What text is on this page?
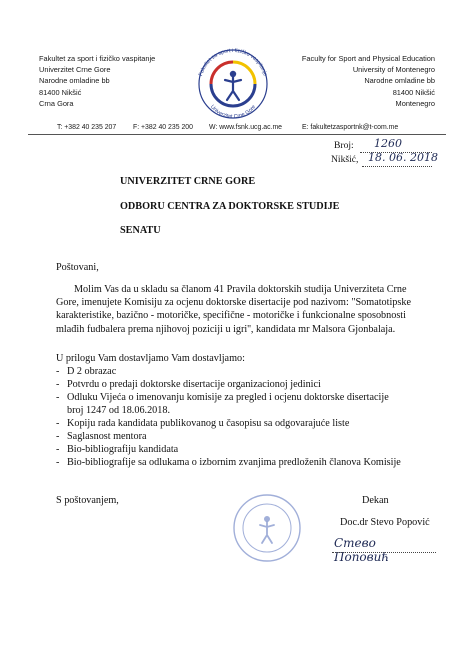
Fakultet za sport i fizičko vaspitanje
Univerzitet Crne Gore
Narodne omladine bb
81400 Nikšić
Crna Gora
Fakultet za sport i fizičko vaspitanje
Univerzitet Crne Gore
Faculty for Sport and Physical Education
University of Montenegro
Narodne omladine bb
81400 Nikšić
Montenegro
T: +382 40 235 207 F: +382 40 235 200 W: www.fsnk.ucg.ac.me	E: fakultetzasportnk@t-com.me
Broj: 1260
Nikšić, 18. 06. 2018
UNIVERZITET CRNE GORE
ODBORU CENTRA ZA DOKTORSKE STUDIJE
SENATU
Poštovani,
Molim Vas da u skladu sa članom 41 Pravila doktorskih studija Univerziteta Crne
Gore, imenujete Komisiju za ocjenu doktorske disertacije pod nazivom: "Somatotipske
karakteristike, bazično - motoričke, specifične - motoričke i funkcionalne sposobnosti
mlađih fudbalera prema njihovoj poziciji u igri'', kandidata mr Malsora Gjonbalaja.
U prilogu Vam dostavljamo Vam dostavljamo:
- D 2 obrazac
- Potvrdu o predaji doktorske disertacije organizacionoj jedinici
- Odluku Vijeća o imenovanju komisije za pregled i ocjenu doktorske disertacije
broj 1247 od 18.06.2018.
- Kopiju rada kandidata publikovanog u časopisu sa odgovarajuće liste
- Saglasnost mentora
- Bio-bibliografiju kandidata
- Bio-bibliografije sa odlukama o izbornim zvanjima predloženih članova Komisije
S poštovanjem,	Dekan
Doc.dr Stevo Popović
Стево Поповић
